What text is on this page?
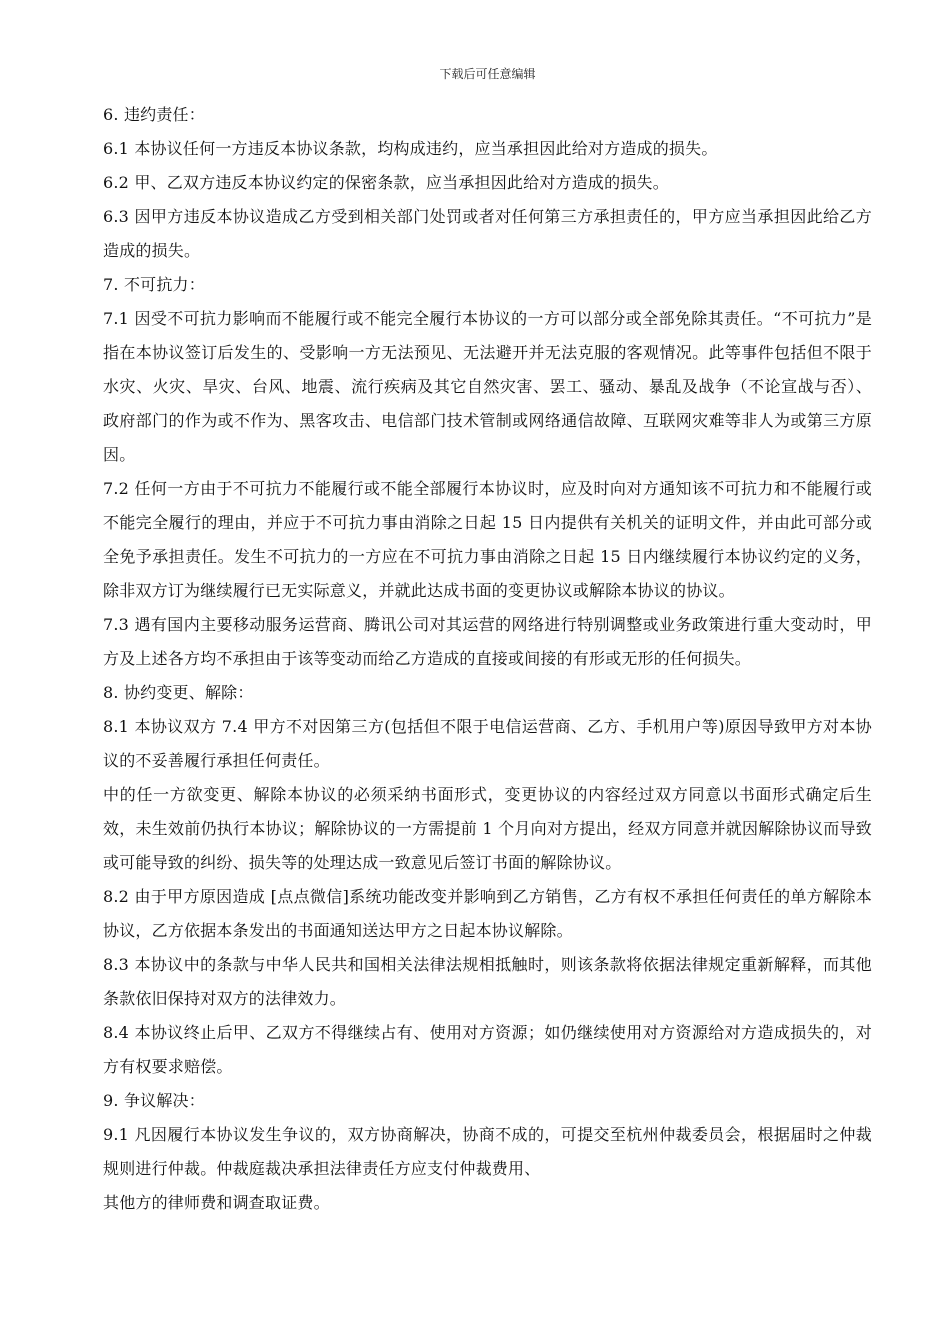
下载后可任意编辑

6. 违约责任：

6.1 本协议任何一方违反本协议条款，均构成违约，应当承担因此给对方造成的损失。

6.2 甲、乙双方违反本协议约定的保密条款，应当承担因此给对方造成的损失。

6.3 因甲方违反本协议造成乙方受到相关部门处罚或者对任何第三方承担责任的，甲方应当承担因此给乙方造成的损失。

7. 不可抗力：

7.1 因受不可抗力影响而不能履行或不能完全履行本协议的一方可以部分或全部免除其责任。“不可抗力”是指在本协议签订后发生的、受影响一方无法预见、无法避开并无法克服的客观情况。此等事件包括但不限于水灾、火灾、旱灾、台风、地震、流行疾病及其它自然灾害、罢工、骚动、暴乱及战争（不论宣战与否）、政府部门的作为或不作为、黑客攻击、电信部门技术管制或网络通信故障、互联网灾难等非人为或第三方原因。

7.2 任何一方由于不可抗力不能履行或不能全部履行本协议时，应及时向对方通知该不可抗力和不能履行或不能完全履行的理由，并应于不可抗力事由消除之日起 15 日内提供有关机关的证明文件，并由此可部分或全免予承担责任。发生不可抗力的一方应在不可抗力事由消除之日起 15 日内继续履行本协议约定的义务，除非双方订为继续履行已无实际意义，并就此达成书面的变更协议或解除本协议的协议。

7.3 遇有国内主要移动服务运营商、腾讯公司对其运营的网络进行特别调整或业务政策进行重大变动时，甲方及上述各方均不承担由于该等变动而给乙方造成的直接或间接的有形或无形的任何损失。

8. 协约变更、解除：

8.1 本协议双方 7.4 甲方不对因第三方(包括但不限于电信运营商、乙方、手机用户等)原因导致甲方对本协议的不妥善履行承担任何责任。

中的任一方欲变更、解除本协议的必须采纳书面形式，变更协议的内容经过双方同意以书面形式确定后生效，未生效前仍执行本协议；解除协议的一方需提前 1 个月向对方提出，经双方同意并就因解除协议而导致或可能导致的纠纷、损失等的处理达成一致意见后签订书面的解除协议。

8.2 由于甲方原因造成 [点点微信]系统功能改变并影响到乙方销售，乙方有权不承担任何责任的单方解除本协议，乙方依据本条发出的书面通知送达甲方之日起本协议解除。

8.3 本协议中的条款与中华人民共和国相关法律法规相抵触时，则该条款将依据法律规定重新解释，而其他条款依旧保持对双方的法律效力。

8.4 本协议终止后甲、乙双方不得继续占有、使用对方资源；如仍继续使用对方资源给对方造成损失的，对方有权要求赔偿。

9. 争议解决：

9.1 凡因履行本协议发生争议的，双方协商解决，协商不成的，可提交至杭州仲裁委员会，根据届时之仲裁规则进行仲裁。仲裁庭裁决承担法律责任方应支付仲裁费用、

其他方的律师费和调查取证费。
